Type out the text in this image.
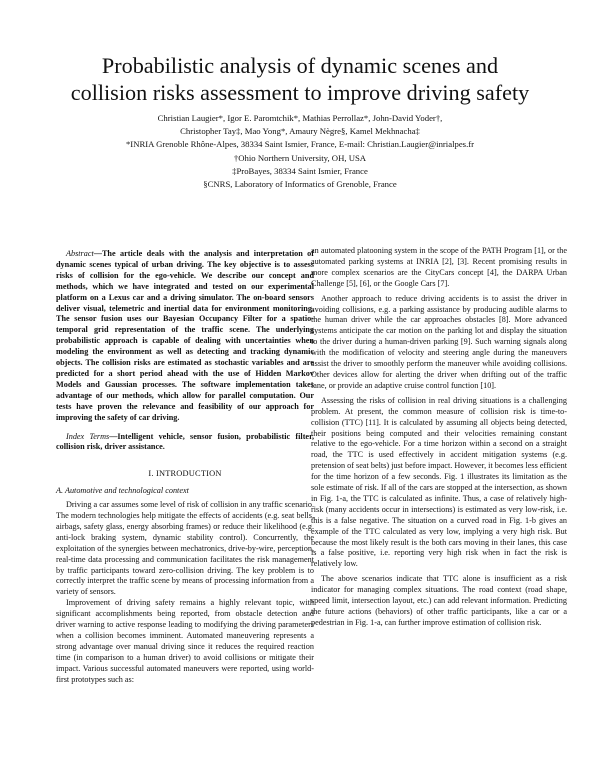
Probabilistic analysis of dynamic scenes and
collision risks assessment to improve driving safety
Christian Laugier*, Igor E. Paromtchik*, Mathias Perrollaz*, John-David Yoder†,
Christopher Tay‡, Mao Yong*, Amaury Nègre§, Kamel Mekhnacha‡
*INRIA Grenoble Rhône-Alpes, 38334 Saint Ismier, France, E-mail: Christian.Laugier@inrialpes.fr
†Ohio Northern University, OH, USA
‡ProBayes, 38334 Saint Ismier, France
§CNRS, Laboratory of Informatics of Grenoble, France

Abstract—The article deals with the analysis and interpretation of dynamic scenes typical of urban driving. The key objective is to assess risks of collision for the ego-vehicle. We describe our concept and methods, which we have integrated and tested on our experimental platform on a Lexus car and a driving simulator. The on-board sensors deliver visual, telemetric and inertial data for environment monitoring. The sensor fusion uses our Bayesian Occupancy Filter for a spatio-temporal grid representation of the traffic scene. The underlying probabilistic approach is capable of dealing with uncertainties when modeling the environment as well as detecting and tracking dynamic objects. The collision risks are estimated as stochastic variables and are predicted for a short period ahead with the use of Hidden Markov Models and Gaussian processes. The software implementation takes advantage of our methods, which allow for parallel computation. Our tests have proven the relevance and feasibility of our approach for improving the safety of car driving.

Index Terms—Intelligent vehicle, sensor fusion, probabilistic filter, collision risk, driver assistance.

I. INTRODUCTION
A. Automotive and technological context

Driving a car assumes some level of risk of collision in any traffic scenario. The modern technologies help mitigate the effects of accidents (e.g. seat bells, airbags, safety glass, energy absorbing frames) or reduce their likelihood (e.g. anti-lock braking system, dynamic stability control). Concurrently, the exploitation of the synergies between mechatronics, drive-by-wire, perception, real-time data processing and communication facilitates the risk management by traffic participants toward zero-collision driving. The key problem is to correctly interpret the traffic scene by means of processing information from a variety of sensors.

Improvement of driving safety remains a highly relevant topic, with significant accomplishments being reported, from obstacle detection and driver warning to active response leading to modifying the driving parameters when a collision becomes imminent. Automated maneuvering represents a strong advantage over manual driving since it reduces the required reaction time (in comparison to a human driver) to avoid collisions or mitigate their impact. Various successful automated maneuvers were reported, using world-first prototypes such as:

an automated platooning system in the scope of the PATH Program [1], or the automated parking systems at INRIA [2], [3]. Recent promising results in more complex scenarios are the CityCars concept [4], the DARPA Urban Challenge [5], [6], or the Google Cars [7].

Another approach to reduce driving accidents is to assist the driver in avoiding collisions, e.g. a parking assistance by producing audible alarms to the human driver while the car approaches obstacles [8]. More advanced systems anticipate the car motion on the parking lot and display the situation to the driver during a human-driven parking [9]. Such warning signals along with the modification of velocity and steering angle during the maneuvers assist the driver to smoothly perform the maneuver while avoiding collisions. Other devices allow for alerting the driver when drifting out of the traffic lane, or provide an adaptive cruise control function [10].

Assessing the risks of collision in real driving situations is a challenging problem. At present, the common measure of collision risk is time-to-collision (TTC) [11]. It is calculated by assuming all objects being detected, their positions being computed and their velocities remaining constant relative to the ego-vehicle. For a time horizon within a second on a straight road, the TTC is used effectively in accident mitigation systems (e.g. pretension of seat belts) just before impact. However, it becomes less efficient for the time horizon of a few seconds. Fig. 1 illustrates its limitation as the sole estimate of risk. If all of the cars are stopped at the intersection, as shown in Fig. 1-a, the TTC is calculated as infinite. Thus, a case of relatively high-risk (many accidents occur in intersections) is estimated as very low-risk, i.e. this is a false negative. The situation on a curved road in Fig. 1-b gives an example of the TTC calculated as very low, implying a very high risk. But because the most likely result is the both cars moving in their lanes, this case is a false positive, i.e. reporting very high risk when in fact the risk is relatively low.

The above scenarios indicate that TTC alone is insufficient as a risk indicator for managing complex situations. The road context (road shape, speed limit, intersection layout, etc.) can add relevant information. Predicting the future actions (behaviors) of other traffic participants, like a car or a pedestrian in Fig. 1-a, can further improve estimation of collision risk.
